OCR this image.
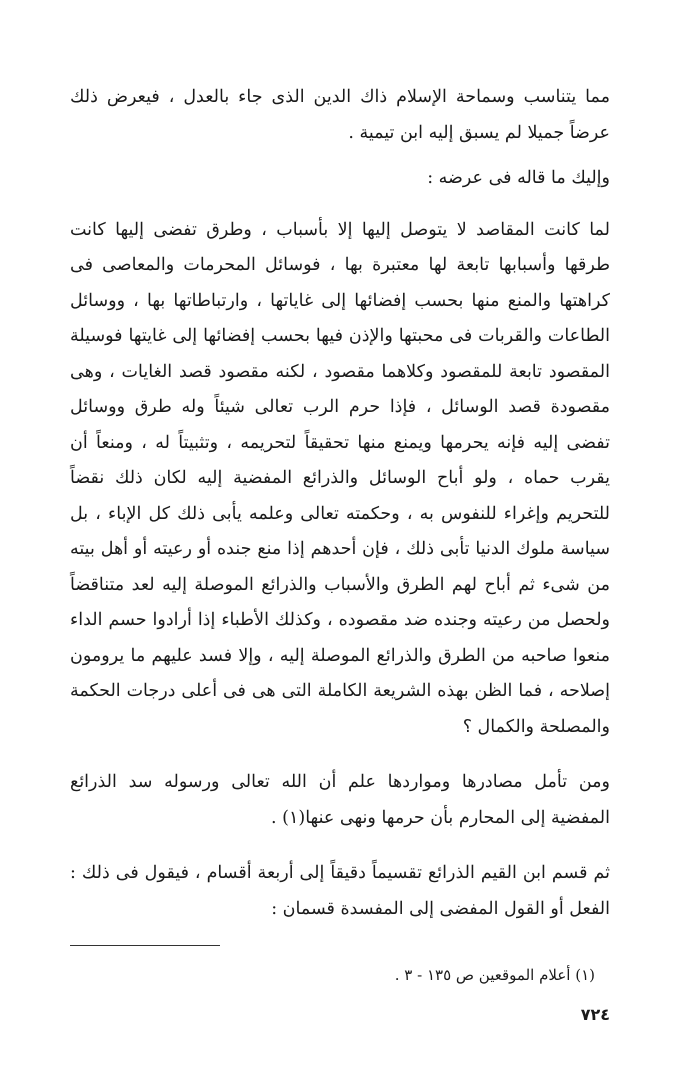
مما يتناسب وسماحة الإسلام ذاك الدين الذى جاء بالعدل ، فيعرض ذلك عرضاً جميلا لم يسبق إليه ابن تيمية .

وإليك ما قاله فى عرضه :

لما كانت المقاصد لا يتوصل إليها إلا بأسباب ، وطرق تفضى إليها كانت طرقها وأسبابها تابعة لها معتبرة بها ، فوسائل المحرمات والمعاصى فى كراهتها والمنع منها بحسب إفضائها إلى غاياتها ، وارتباطاتها بها ، ووسائل الطاعات والقربات فى محبتها والإذن فيها بحسب إفضائها إلى غايتها فوسيلة المقصود تابعة للمقصود وكلاهما مقصود ، لكنه مقصود قصد الغايات ، وهى مقصودة قصد الوسائل ، فإذا حرم الرب تعالى شيئاً وله طرق ووسائل تفضى إليه فإنه يحرمها ويمنع منها تحقيقاً لتحريمه ، وتثبيتاً له ، ومنعاً أن يقرب حماه ، ولو أباح الوسائل والذرائع المفضية إليه لكان ذلك نقضاً للتحريم وإغراء للنفوس به ، وحكمته تعالى وعلمه يأبى ذلك كل الإباء ، بل سياسة ملوك الدنيا تأبى ذلك ، فإن أحدهم إذا منع جنده أو رعيته أو أهل بيته من شىء ثم أباح لهم الطرق والأسباب والذرائع الموصلة إليه لعد متناقضاً ولحصل من رعيته وجنده ضد مقصوده ، وكذلك الأطباء إذا أرادوا حسم الداء منعوا صاحبه من الطرق والذرائع الموصلة إليه ، وإلا فسد عليهم ما يرومون إصلاحه ، فما الظن بهذه الشريعة الكاملة التى هى فى أعلى درجات الحكمة والمصلحة والكمال ؟

ومن تأمل مصادرها ومواردها علم أن الله تعالى ورسوله سد الذرائع المفضية إلى المحارم بأن حرمها ونهى عنها(١) .

ثم قسم ابن القيم الذرائع تقسيماً دقيقاً إلى أربعة أقسام ، فيقول فى ذلك : الفعل أو القول المفضى إلى المفسدة قسمان :

(١) أعلام الموقعين ص ١٣٥ - ٣ .
٧٢٤
